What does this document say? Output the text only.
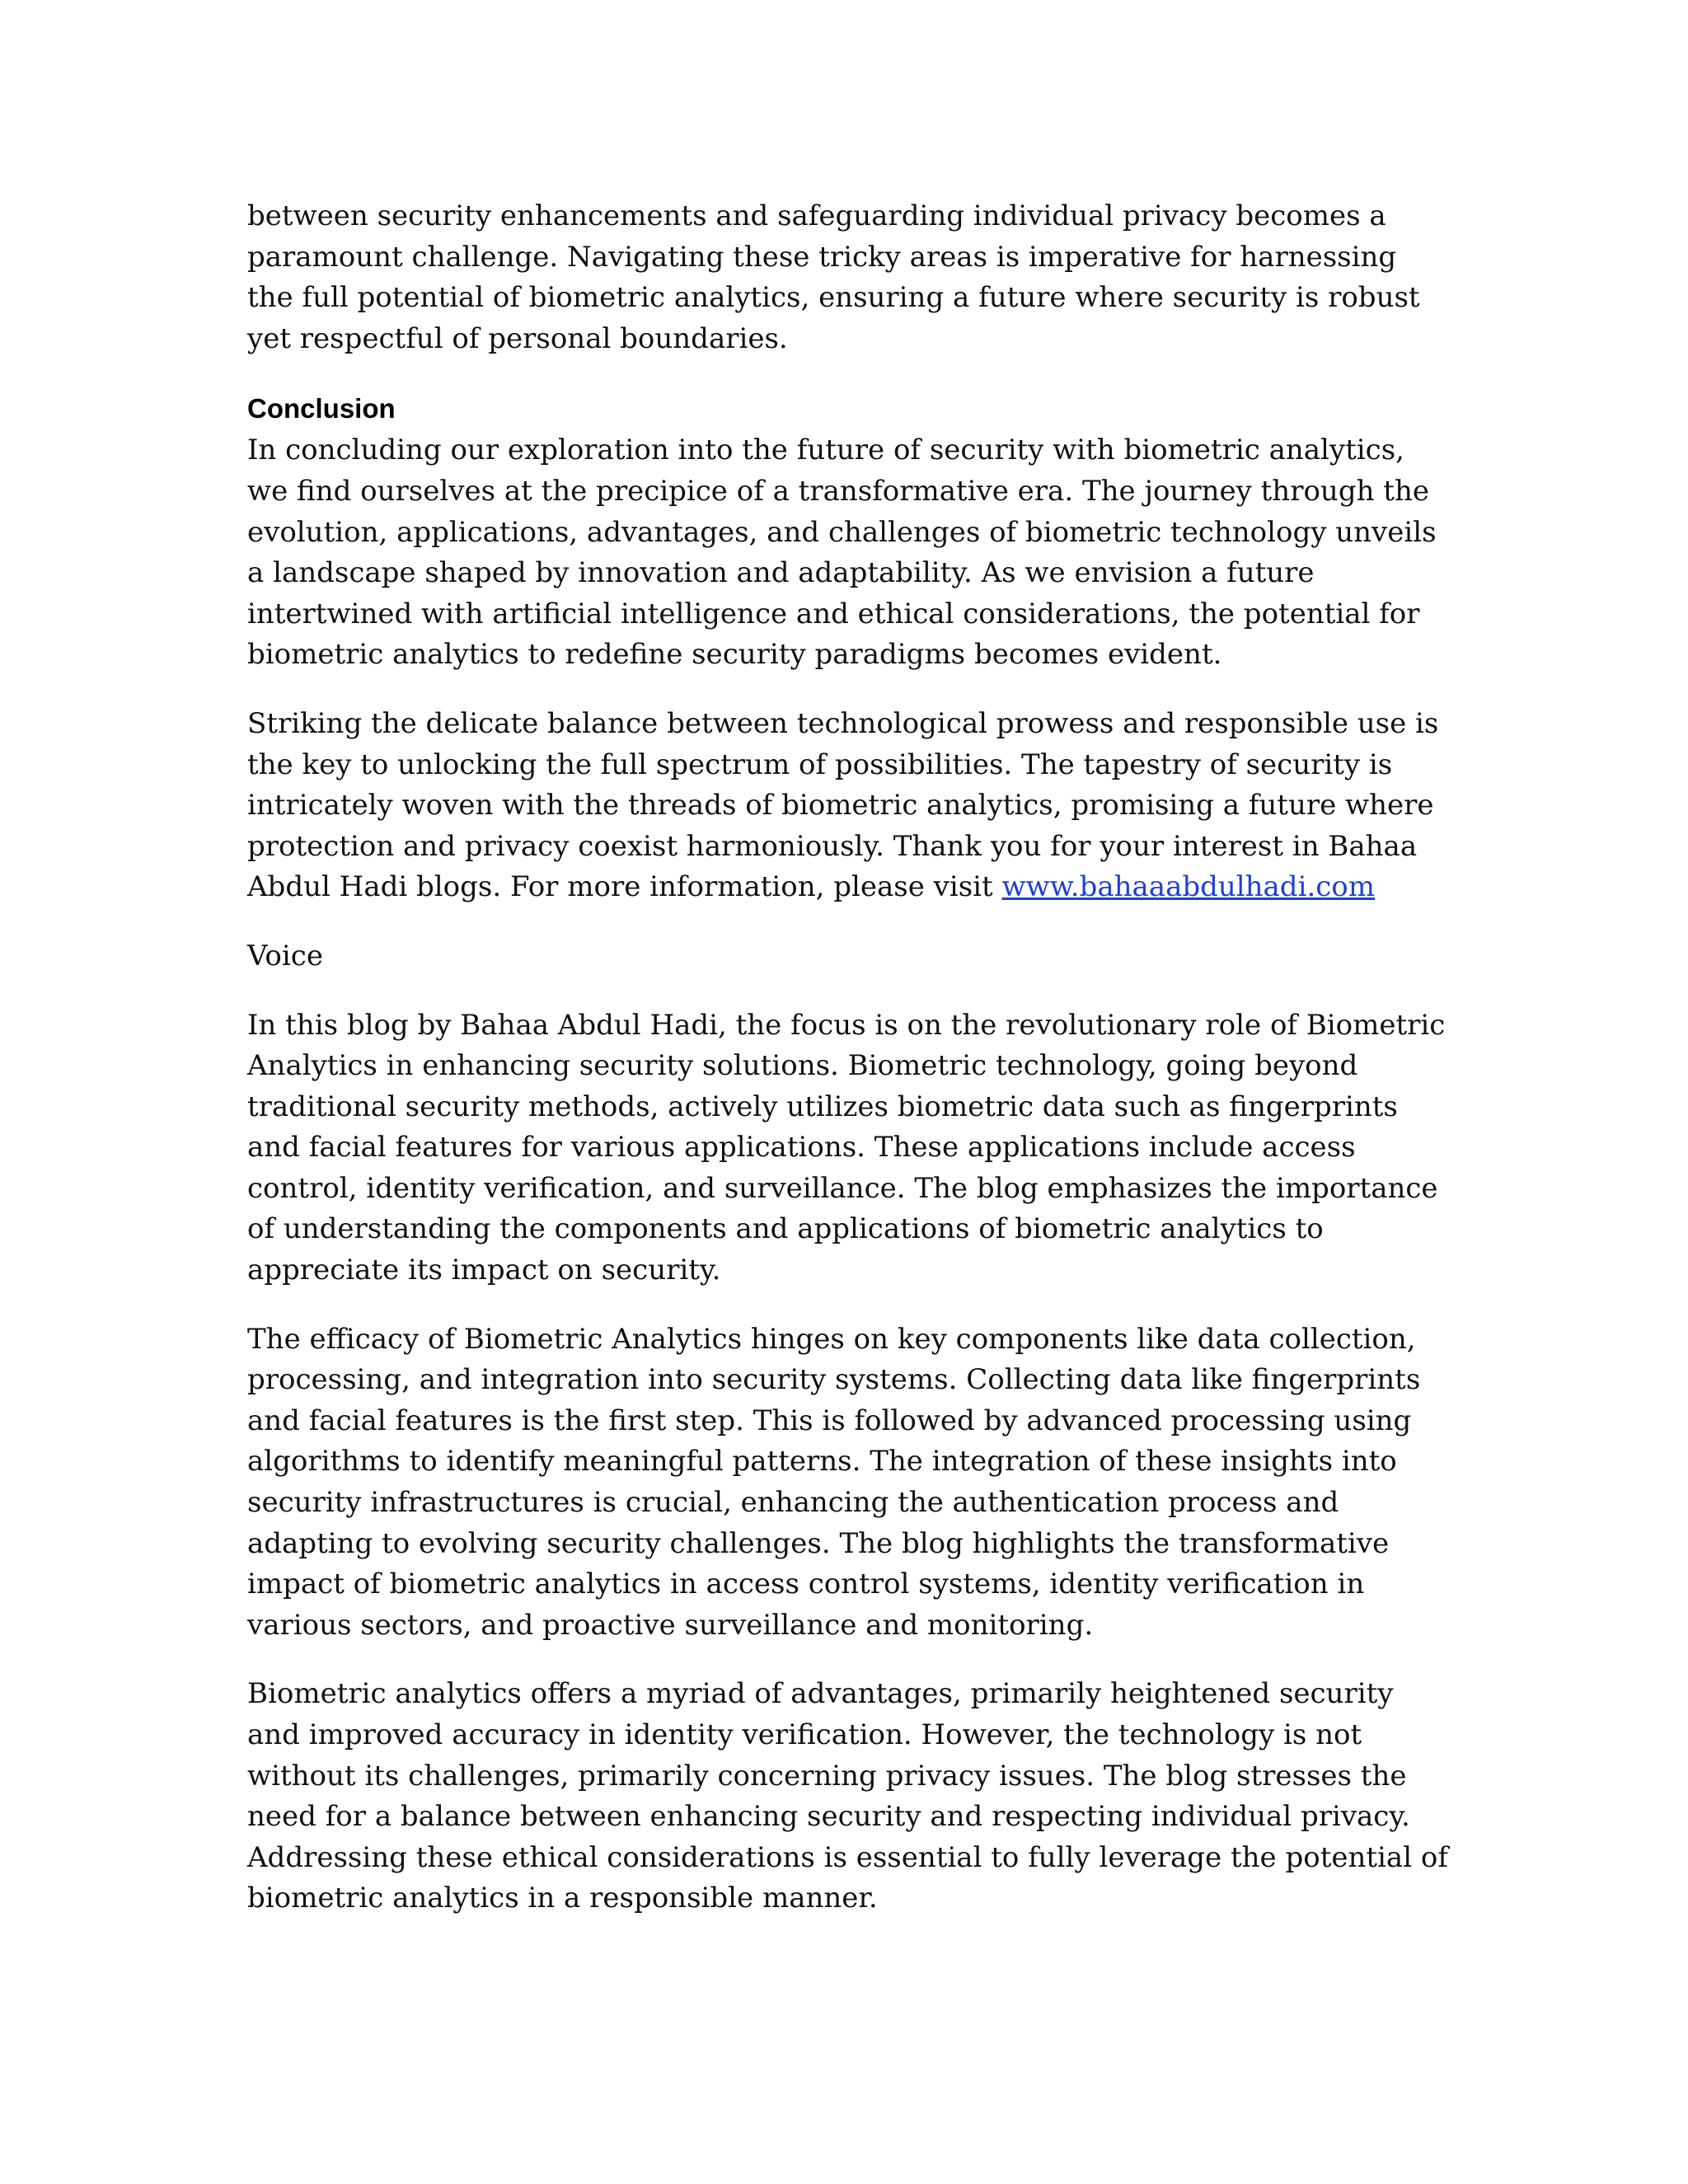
between security enhancements and safeguarding individual privacy becomes a paramount challenge. Navigating these tricky areas is imperative for harnessing the full potential of biometric analytics, ensuring a future where security is robust yet respectful of personal boundaries.

Conclusion

In concluding our exploration into the future of security with biometric analytics, we find ourselves at the precipice of a transformative era. The journey through the evolution, applications, advantages, and challenges of biometric technology unveils a landscape shaped by innovation and adaptability. As we envision a future intertwined with artificial intelligence and ethical considerations, the potential for biometric analytics to redefine security paradigms becomes evident.

Striking the delicate balance between technological prowess and responsible use is the key to unlocking the full spectrum of possibilities. The tapestry of security is intricately woven with the threads of biometric analytics, promising a future where protection and privacy coexist harmoniously. Thank you for your interest in Bahaa Abdul Hadi blogs. For more information, please visit www.bahaaabdulhadi.com

Voice

In this blog by Bahaa Abdul Hadi, the focus is on the revolutionary role of Biometric Analytics in enhancing security solutions. Biometric technology, going beyond traditional security methods, actively utilizes biometric data such as fingerprints and facial features for various applications. These applications include access control, identity verification, and surveillance. The blog emphasizes the importance of understanding the components and applications of biometric analytics to appreciate its impact on security.

The efficacy of Biometric Analytics hinges on key components like data collection, processing, and integration into security systems. Collecting data like fingerprints and facial features is the first step. This is followed by advanced processing using algorithms to identify meaningful patterns. The integration of these insights into security infrastructures is crucial, enhancing the authentication process and adapting to evolving security challenges. The blog highlights the transformative impact of biometric analytics in access control systems, identity verification in various sectors, and proactive surveillance and monitoring.

Biometric analytics offers a myriad of advantages, primarily heightened security and improved accuracy in identity verification. However, the technology is not without its challenges, primarily concerning privacy issues. The blog stresses the need for a balance between enhancing security and respecting individual privacy. Addressing these ethical considerations is essential to fully leverage the potential of biometric analytics in a responsible manner.
